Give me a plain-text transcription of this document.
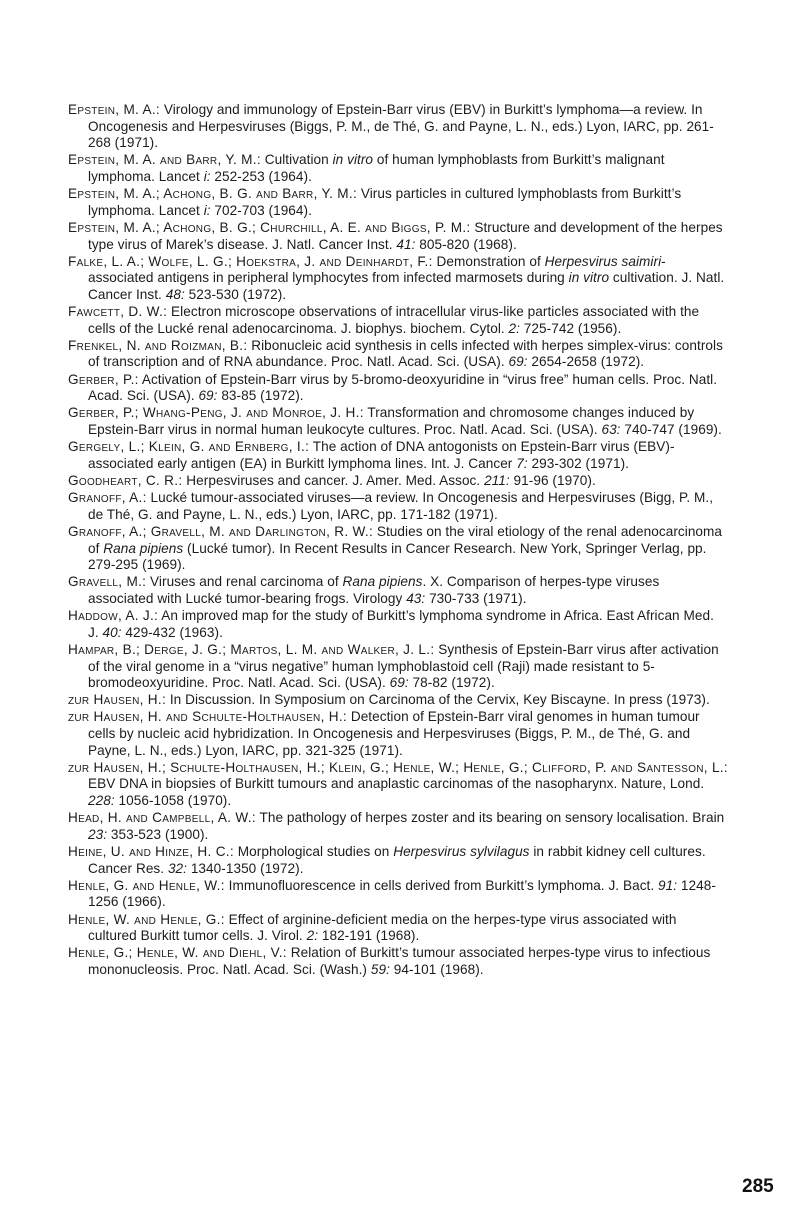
Epstein, M. A.: Virology and immunology of Epstein-Barr virus (EBV) in Burkitt’s lymphoma—a review. In Oncogenesis and Herpesviruses (Biggs, P. M., de Thé, G. and Payne, L. N., eds.) Lyon, IARC, pp. 261-268 (1971).

Epstein, M. A. and Barr, Y. M.: Cultivation in vitro of human lymphoblasts from Burkitt’s malignant lymphoma. Lancet i: 252-253 (1964).

Epstein, M. A.; Achong, B. G. and Barr, Y. M.: Virus particles in cultured lymphoblasts from Burkitt’s lymphoma. Lancet i: 702-703 (1964).

Epstein, M. A.; Achong, B. G.; Churchill, A. E. and Biggs, P. M.: Structure and development of the herpes type virus of Marek’s disease. J. Natl. Cancer Inst. 41: 805-820 (1968).

Falke, L. A.; Wolfe, L. G.; Hoekstra, J. and Deinhardt, F.: Demonstration of Herpesvirus saimiri-associated antigens in peripheral lymphocytes from infected marmosets during in vitro cultivation. J. Natl. Cancer Inst. 48: 523-530 (1972).

Fawcett, D. W.: Electron microscope observations of intracellular virus-like particles associated with the cells of the Lucké renal adenocarcinoma. J. biophys. biochem. Cytol. 2: 725-742 (1956).

Frenkel, N. and Roizman, B.: Ribonucleic acid synthesis in cells infected with herpes simplex-virus: controls of transcription and of RNA abundance. Proc. Natl. Acad. Sci. (USA). 69: 2654-2658 (1972).

Gerber, P.: Activation of Epstein-Barr virus by 5-bromo-deoxyuridine in “virus free” human cells. Proc. Natl. Acad. Sci. (USA). 69: 83-85 (1972).

Gerber, P.; Whang-Peng, J. and Monroe, J. H.: Transformation and chromosome changes induced by Epstein-Barr virus in normal human leukocyte cultures. Proc. Natl. Acad. Sci. (USA). 63: 740-747 (1969).

Gergely, L.; Klein, G. and Ernberg, I.: The action of DNA antogonists on Epstein-Barr virus (EBV)-associated early antigen (EA) in Burkitt lymphoma lines. Int. J. Cancer 7: 293-302 (1971).

Goodheart, C. R.: Herpesviruses and cancer. J. Amer. Med. Assoc. 211: 91-96 (1970).

Granoff, A.: Lucké tumour-associated viruses—a review. In Oncogenesis and Herpesviruses (Bigg, P. M., de Thé, G. and Payne, L. N., eds.) Lyon, IARC, pp. 171-182 (1971).

Granoff, A.; Gravell, M. and Darlington, R. W.: Studies on the viral etiology of the renal adenocarcinoma of Rana pipiens (Lucké tumor). In Recent Results in Cancer Research. New York, Springer Verlag, pp. 279-295 (1969).

Gravell, M.: Viruses and renal carcinoma of Rana pipiens. X. Comparison of herpes-type viruses associated with Lucké tumor-bearing frogs. Virology 43: 730-733 (1971).

Haddow, A. J.: An improved map for the study of Burkitt’s lymphoma syndrome in Africa. East African Med. J. 40: 429-432 (1963).

Hampar, B.; Derge, J. G.; Martos, L. M. and Walker, J. L.: Synthesis of Epstein-Barr virus after activation of the viral genome in a “virus negative” human lymphoblastoid cell (Raji) made resistant to 5-bromodeoxyuridine. Proc. Natl. Acad. Sci. (USA). 69: 78-82 (1972).

zur Hausen, H.: In Discussion. In Symposium on Carcinoma of the Cervix, Key Biscayne. In press (1973).

zur Hausen, H. and Schulte-Holthausen, H.: Detection of Epstein-Barr viral genomes in human tumour cells by nucleic acid hybridization. In Oncogenesis and Herpesviruses (Biggs, P. M., de Thé, G. and Payne, L. N., eds.) Lyon, IARC, pp. 321-325 (1971).

zur Hausen, H.; Schulte-Holthausen, H.; Klein, G.; Henle, W.; Henle, G.; Clifford, P. and Santesson, L.: EBV DNA in biopsies of Burkitt tumours and anaplastic carcinomas of the nasopharynx. Nature, Lond. 228: 1056-1058 (1970).

Head, H. and Campbell, A. W.: The pathology of herpes zoster and its bearing on sensory localisation. Brain 23: 353-523 (1900).

Heine, U. and Hinze, H. C.: Morphological studies on Herpesvirus sylvilagus in rabbit kidney cell cultures. Cancer Res. 32: 1340-1350 (1972).

Henle, G. and Henle, W.: Immunofluorescence in cells derived from Burkitt’s lymphoma. J. Bact. 91: 1248-1256 (1966).

Henle, W. and Henle, G.: Effect of arginine-deficient media on the herpes-type virus associated with cultured Burkitt tumor cells. J. Virol. 2: 182-191 (1968).

Henle, G.; Henle, W. and Diehl, V.: Relation of Burkitt’s tumour associated herpes-type virus to infectious mononucleosis. Proc. Natl. Acad. Sci. (Wash.) 59: 94-101 (1968).

285
